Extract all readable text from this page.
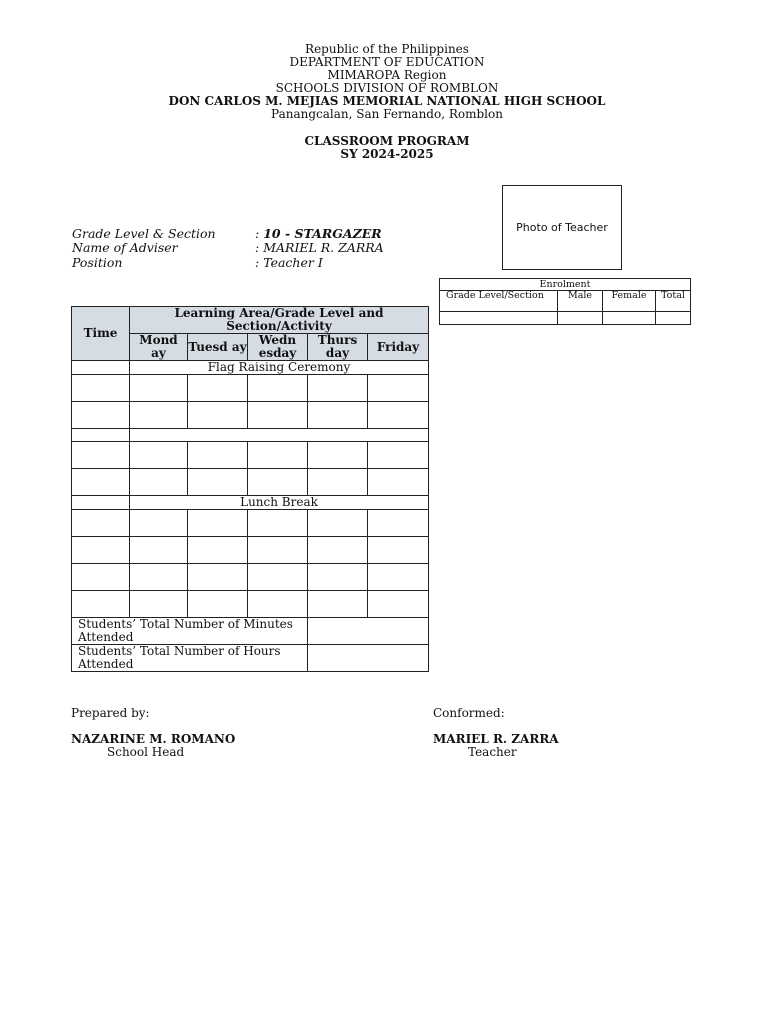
Republic of the Philippines
DEPARTMENT OF EDUCATION
MIMAROPA Region
SCHOOLS DIVISION OF ROMBLON
DON CARLOS M. MEJIAS MEMORIAL NATIONAL HIGH SCHOOL
Panangcalan, San Fernando, Romblon
CLASSROOM PROGRAM
SY 2024-2025
Photo of Teacher
Grade Level & Section	: 10 - STARGAZER
Name of Adviser	: MARIEL R. ZARRA
Position	: Teacher I
Enrolment			
Grade Level/Section	Male	Female	Total

Time	Learning Area/Grade Level and Section/Activity				
	Mond ay	Tuesd ay	Wedn esday	Thurs day	Friday
	Flag Raising Ceremony				

	Lunch Break				

Students’ Total Number of Minutes Attended					
Students’ Total Number of Hours Attended					
Prepared by:
NAZARINE M. ROMANO
School Head
Conformed:
MARIEL R. ZARRA
Teacher
